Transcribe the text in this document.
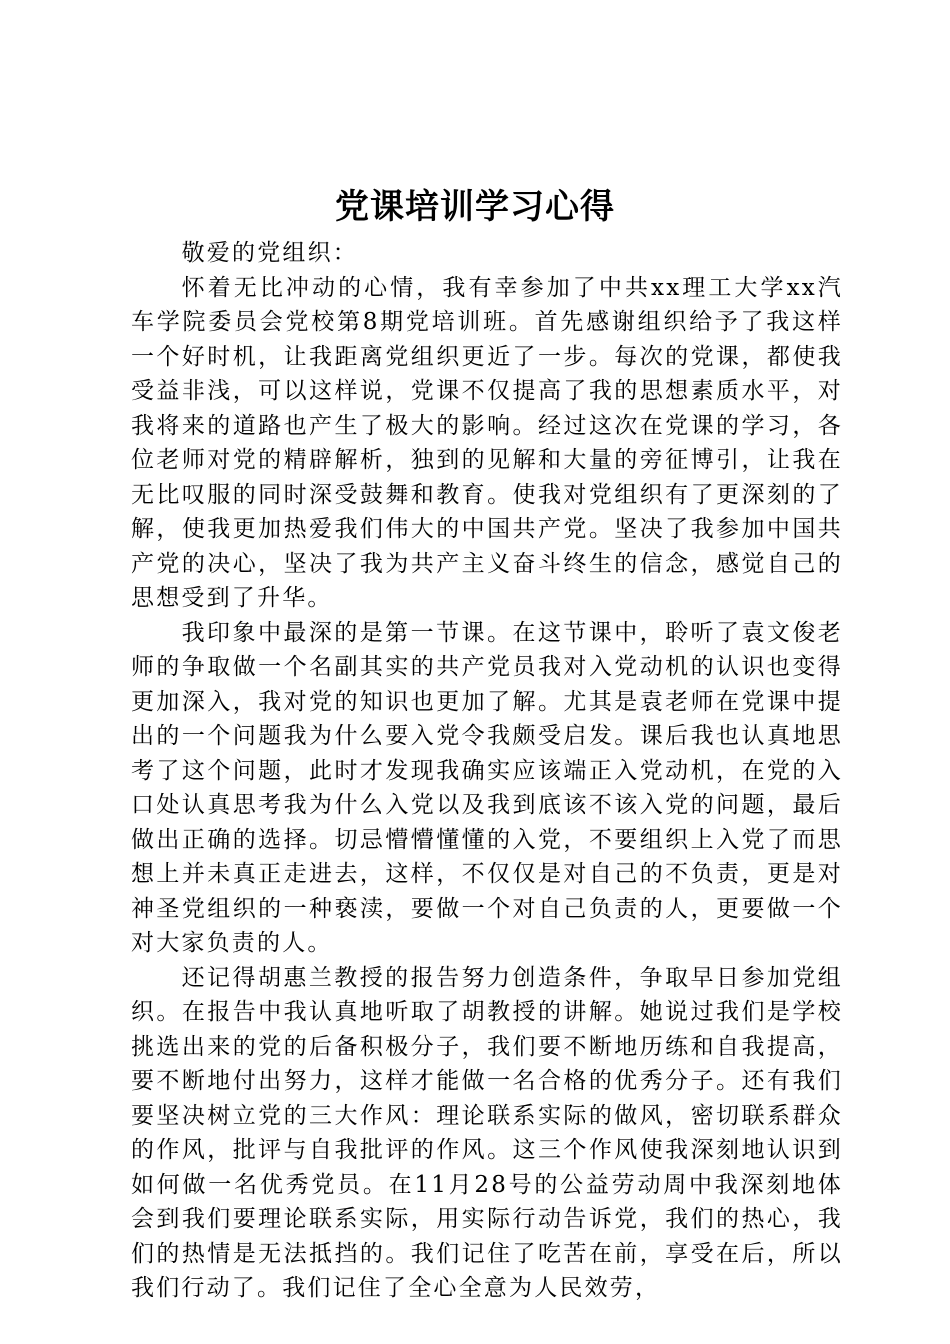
党课培训学习心得

敬爱的党组织：

怀着无比冲动的心情，我有幸参加了中共xx理工大学xx汽车学院委员会党校第8期党培训班。首先感谢组织给予了我这样一个好时机，让我距离党组织更近了一步。每次的党课，都使我受益非浅，可以这样说，党课不仅提高了我的思想素质水平，对我将来的道路也产生了极大的影响。经过这次在党课的学习，各位老师对党的精辟解析，独到的见解和大量的旁征博引，让我在无比叹服的同时深受鼓舞和教育。使我对党组织有了更深刻的了解，使我更加热爱我们伟大的中国共产党。坚决了我参加中国共产党的决心，坚决了我为共产主义奋斗终生的信念，感觉自己的思想受到了升华。

我印象中最深的是第一节课。在这节课中，聆听了袁文俊老师的争取做一个名副其实的共产党员我对入党动机的认识也变得更加深入，我对党的知识也更加了解。尤其是袁老师在党课中提出的一个问题我为什么要入党令我颇受启发。课后我也认真地思考了这个问题，此时才发现我确实应该端正入党动机，在党的入口处认真思考我为什么入党以及我到底该不该入党的问题，最后做出正确的选择。切忌懵懵懂懂的入党，不要组织上入党了而思想上并未真正走进去，这样，不仅仅是对自己的不负责，更是对神圣党组织的一种亵渎，要做一个对自己负责的人，更要做一个对大家负责的人。

还记得胡惠兰教授的报告努力创造条件，争取早日参加党组织。在报告中我认真地听取了胡教授的讲解。她说过我们是学校挑选出来的党的后备积极分子，我们要不断地历练和自我提高，要不断地付出努力，这样才能做一名合格的优秀分子。还有我们要坚决树立党的三大作风：理论联系实际的做风，密切联系群众的作风，批评与自我批评的作风。这三个作风使我深刻地认识到如何做一名优秀党员。在11月28号的公益劳动周中我深刻地体会到我们要理论联系实际，用实际行动告诉党，我们的热心，我们的热情是无法抵挡的。我们记住了吃苦在前，享受在后，所以我们行动了。我们记住了全心全意为人民效劳，
